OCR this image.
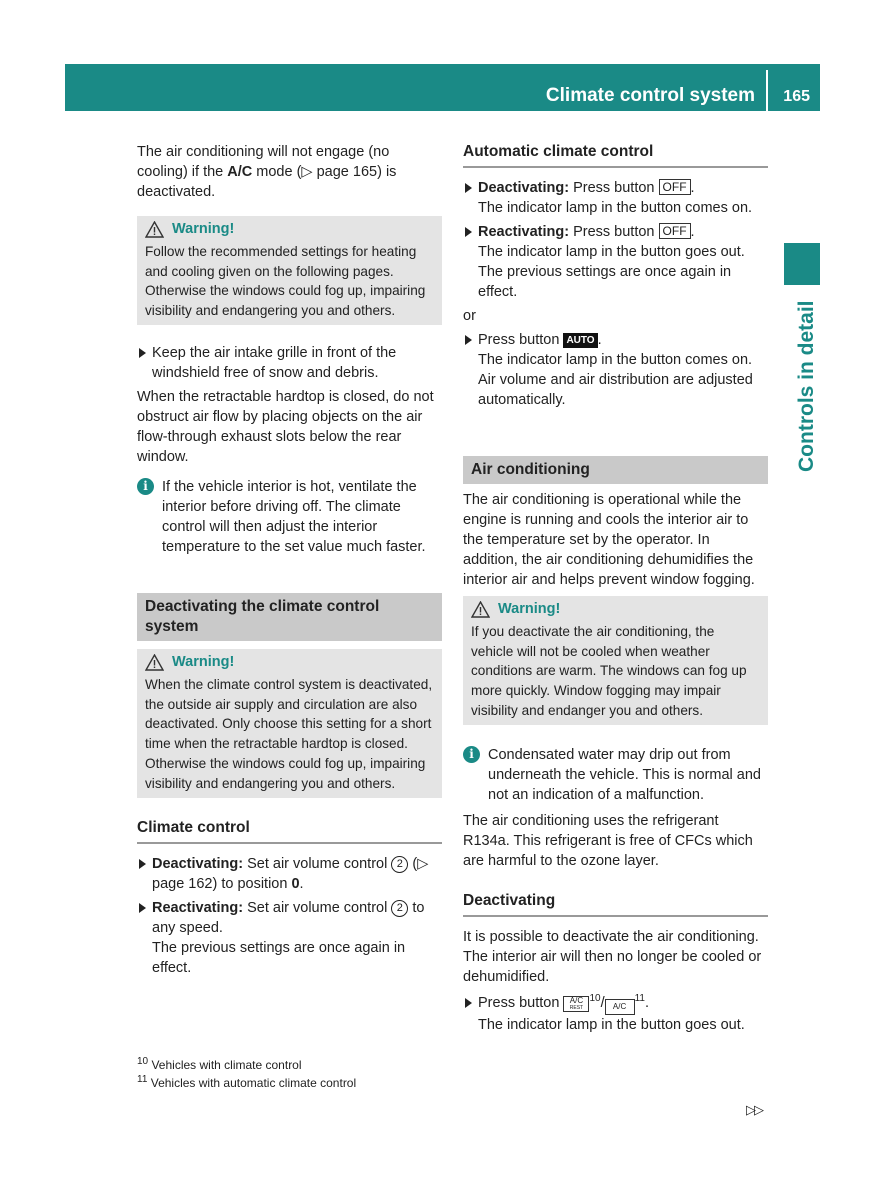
Climate control system 165
Controls in detail

The air conditioning will not engage (no cooling) if the A/C mode (▷ page 165) is deactivated.

Warning!
Follow the recommended settings for heating and cooling given on the following pages. Otherwise the windows could fog up, impairing visibility and endangering you and others.
Keep the air intake grille in front of the windshield free of snow and debris.

When the retractable hardtop is closed, do not obstruct air flow by placing objects on the air flow-through exhaust slots below the rear window.

i If the vehicle interior is hot, ventilate the interior before driving off. The climate control will then adjust the interior temperature to the set value much faster.
Deactivating the climate control system
Warning!
When the climate control system is deactivated, the outside air supply and circulation are also deactivated. Only choose this setting for a short time when the retractable hardtop is closed. Otherwise the windows could fog up, impairing visibility and endangering you and others.
Climate control
Deactivating: Set air volume control 2 (▷ page 162) to position 0.
Reactivating: Set air volume control 2 to any speed.
The previous settings are once again in effect.
Automatic climate control
Deactivating: Press button OFF .
The indicator lamp in the button comes on.
Reactivating: Press button OFF .
The indicator lamp in the button goes out. The previous settings are once again in effect.

or

Press button AUTO .
The indicator lamp in the button comes on. Air volume and air distribution are adjusted automatically.
Air conditioning

The air conditioning is operational while the engine is running and cools the interior air to the temperature set by the operator. In addition, the air conditioning dehumidifies the interior air and helps prevent window fogging.

Warning!
If you deactivate the air conditioning, the vehicle will not be cooled when weather conditions are warm. The windows can fog up more quickly. Window fogging may impair visibility and endanger you and others.
i Condensated water may drip out from underneath the vehicle. This is normal and not an indication of a malfunction.

The air conditioning uses the refrigerant R134a. This refrigerant is free of CFCs which are harmful to the ozone layer.

Deactivating

It is possible to deactivate the air conditioning. The interior air will then no longer be cooled or dehumidified.

Press button A/C
REST
$^{10}$/ $A/C^{11}$.
The indicator lamp in the button goes out.
$^{10}$ Vehicles with climate control
$^{11}$ Vehicles with automatic climate control
▷▷
